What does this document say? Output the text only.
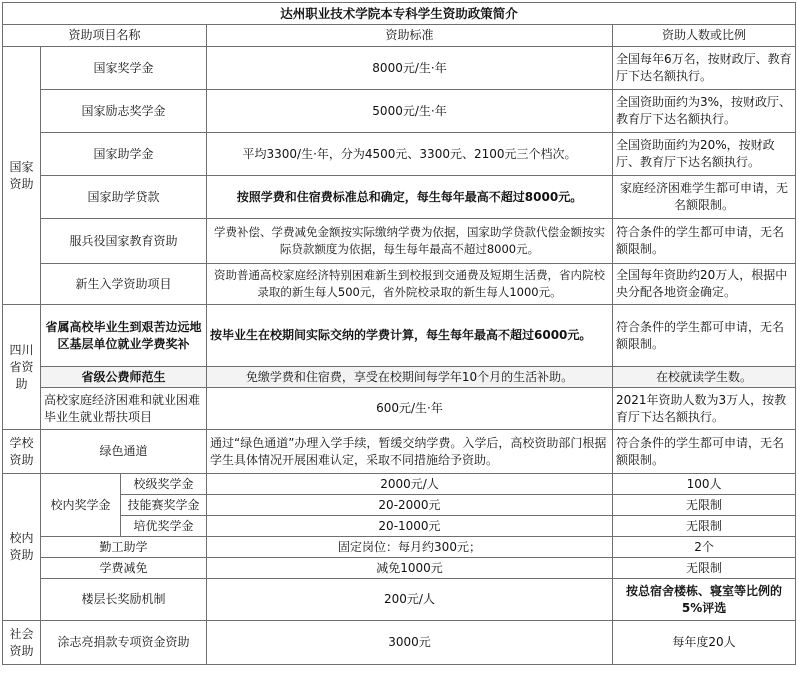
达州职业技术学院本专科学生资助政策简介				
资助项目名称			资助标准	资助人数或比例
国家资助	国家奖学金		8000元/生·年	全国每年6万名，按财政厅、教育厅下达名额执行。
	国家励志奖学金		5000元/生·年	全国资助面约为3%，按财政厅、教育厅下达名额执行。
	国家助学金		平均3300/生·年，分为4500元、3300元、2100元三个档次。	全国资助面约为20%，按财政厅、教育厅下达名额执行。
	国家助学贷款		按照学费和住宿费标准总和确定，每生每年最高不超过8000元。	家庭经济困难学生都可申请，无名额限制。
	服兵役国家教育资助		学费补偿、学费减免金额按实际缴纳学费为依据，国家助学贷款代偿金额按实际贷款额度为依据，每生每年最高不超过8000元。	符合条件的学生都可申请，无名额限制。
	新生入学资助项目		资助普通高校家庭经济特别困难新生到校报到交通费及短期生活费，省内院校录取的新生每人500元，省外院校录取的新生每人1000元。	全国每年资助约20万人，根据中央分配各地资金确定。
四川省资助	省属高校毕业生到艰苦边远地区基层单位就业学费奖补		按毕业生在校期间实际交纳的学费计算，每生每年最高不超过6000元。	符合条件的学生都可申请，无名额限制。
	省级公费师范生		免缴学费和住宿费，享受在校期间每学年10个月的生活补助。	在校就读学生数。
	高校家庭经济困难和就业困难 毕业生就业帮扶项目		600元/生·年	2021年资助人数为3万人，按教育厅下达名额执行。
学校资助	绿色通道		通过“绿色通道”办理入学手续，暂缓交纳学费。入学后，高校资助部门根据学生具体情况开展困难认定，采取不同措施给予资助。	符合条件的学生都可申请，无名额限制。
校内资助	校内奖学金	校级奖学金	2000元/人	100人
		技能赛奖学金	20-2000元	无限制
		培优奖学金	20-1000元	无限制
	勤工助学		固定岗位：每月约300元；	2个
	学费减免		减免1000元	无限制
	楼层长奖励机制		200元/人	按总宿舍楼栋、寝室等比例的5%评选
社会资助	涂志亮捐款专项资金资助		3000元	每年度20人
